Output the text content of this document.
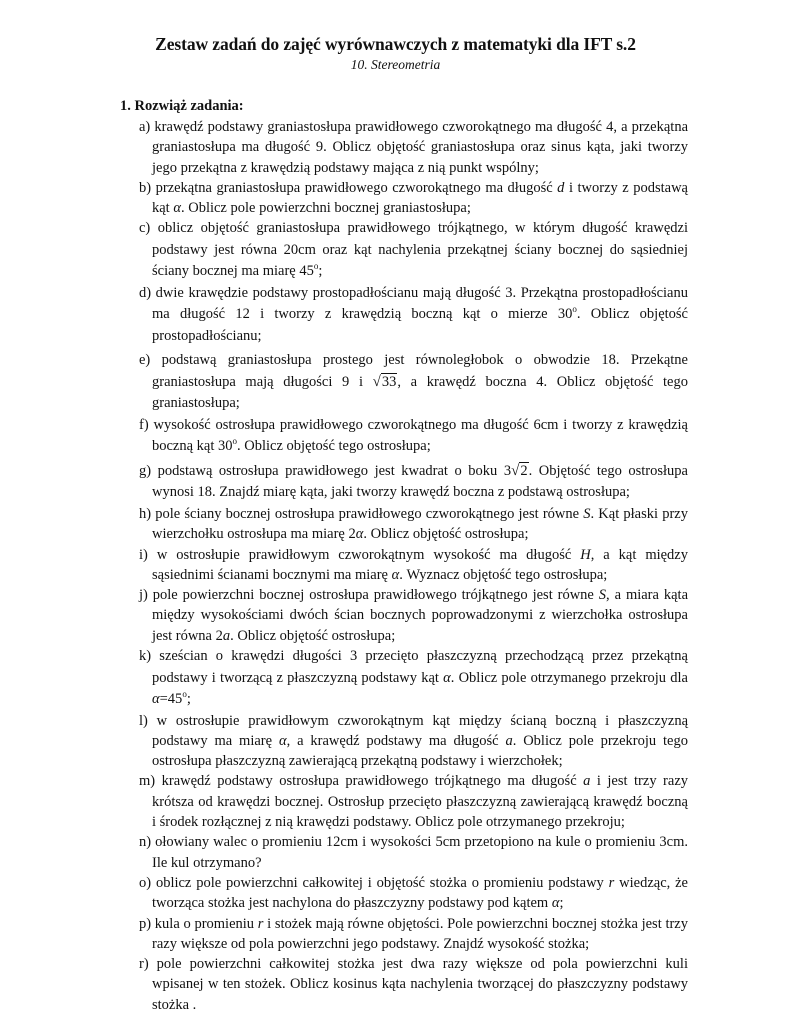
Zestaw zadań do zajęć wyrównawczych z matematyki dla IFT s.2
10. Stereometria
1. Rozwiąż zadania:
a) krawędź podstawy graniastosłupa prawidłowego czworokątnego ma długość 4, a przekątna graniastosłupa ma długość 9. Oblicz objętość graniastosłupa oraz sinus kąta, jaki tworzy jego przekątna z krawędzią podstawy mająca z nią punkt wspólny;
b) przekątna graniastosłupa prawidłowego czworokątnego ma długość d i tworzy z podstawą kąt α. Oblicz pole powierzchni bocznej graniastosłupa;
c) oblicz objętość graniastosłupa prawidłowego trójkątnego, w którym długość krawędzi podstawy jest równa 20cm oraz kąt nachylenia przekątnej ściany bocznej do sąsiedniej ściany bocznej ma miarę 45$^o$;
d) dwie krawędzie podstawy prostopadłościanu mają długość 3. Przekątna prostopadłościanu ma długość 12 i tworzy z krawędzią boczną kąt o mierze 30$^o$. Oblicz objętość prostopadłościanu;
e) podstawą graniastosłupa prostego jest równoległobok o obwodzie 18. Przekątne graniastosłupa mają długości 9 i √33, a krawędź boczna 4. Oblicz objętość tego graniastosłupa;
f) wysokość ostrosłupa prawidłowego czworokątnego ma długość 6cm i tworzy z krawędzią boczną kąt 30$^o$. Oblicz objętość tego ostrosłupa;
g) podstawą ostrosłupa prawidłowego jest kwadrat o boku 3√2. Objętość tego ostrosłupa wynosi 18. Znajdź miarę kąta, jaki tworzy krawędź boczna z podstawą ostrosłupa;
h) pole ściany bocznej ostrosłupa prawidłowego czworokątnego jest równe S. Kąt płaski przy wierzchołku ostrosłupa ma miarę 2α. Oblicz objętość ostrosłupa;
i) w ostrosłupie prawidłowym czworokątnym wysokość ma długość H, a kąt między sąsiednimi ścianami bocznymi ma miarę α. Wyznacz objętość tego ostrosłupa;
j) pole powierzchni bocznej ostrosłupa prawidłowego trójkątnego jest równe S, a miara kąta między wysokościami dwóch ścian bocznych poprowadzonymi z wierzchołka ostrosłupa jest równa 2a. Oblicz objętość ostrosłupa;
k) sześcian o krawędzi długości 3 przecięto płaszczyzną przechodzącą przez przekątną podstawy i tworzącą z płaszczyzną podstawy kąt α. Oblicz pole otrzymanego przekroju dla $\alpha=45^o$;
l) w ostrosłupie prawidłowym czworokątnym kąt między ścianą boczną i płaszczyzną podstawy ma miarę α, a krawędź podstawy ma długość a. Oblicz pole przekroju tego ostrosłupa płaszczyzną zawierającą przekątną podstawy i wierzchołek;
m) krawędź podstawy ostrosłupa prawidłowego trójkątnego ma długość a i jest trzy razy krótsza od krawędzi bocznej. Ostrosłup przecięto płaszczyzną zawierającą krawędź boczną i środek rozłącznej z nią krawędzi podstawy. Oblicz pole otrzymanego przekroju;
n) ołowiany walec o promieniu 12cm i wysokości 5cm przetopiono na kule o promieniu 3cm. Ile kul otrzymano?
o) oblicz pole powierzchni całkowitej i objętość stożka o promieniu podstawy r wiedząc, że tworząca stożka jest nachylona do płaszczyzny podstawy pod kątem α;
p) kula o promieniu r i stożek mają równe objętości. Pole powierzchni bocznej stożka jest trzy razy większe od pola powierzchni jego podstawy. Znajdź wysokość stożka;
r) pole powierzchni całkowitej stożka jest dwa razy większe od pola powierzchni kuli wpisanej w ten stożek. Oblicz kosinus kąta nachylenia tworzącej do płaszczyzny podstawy stożka .
